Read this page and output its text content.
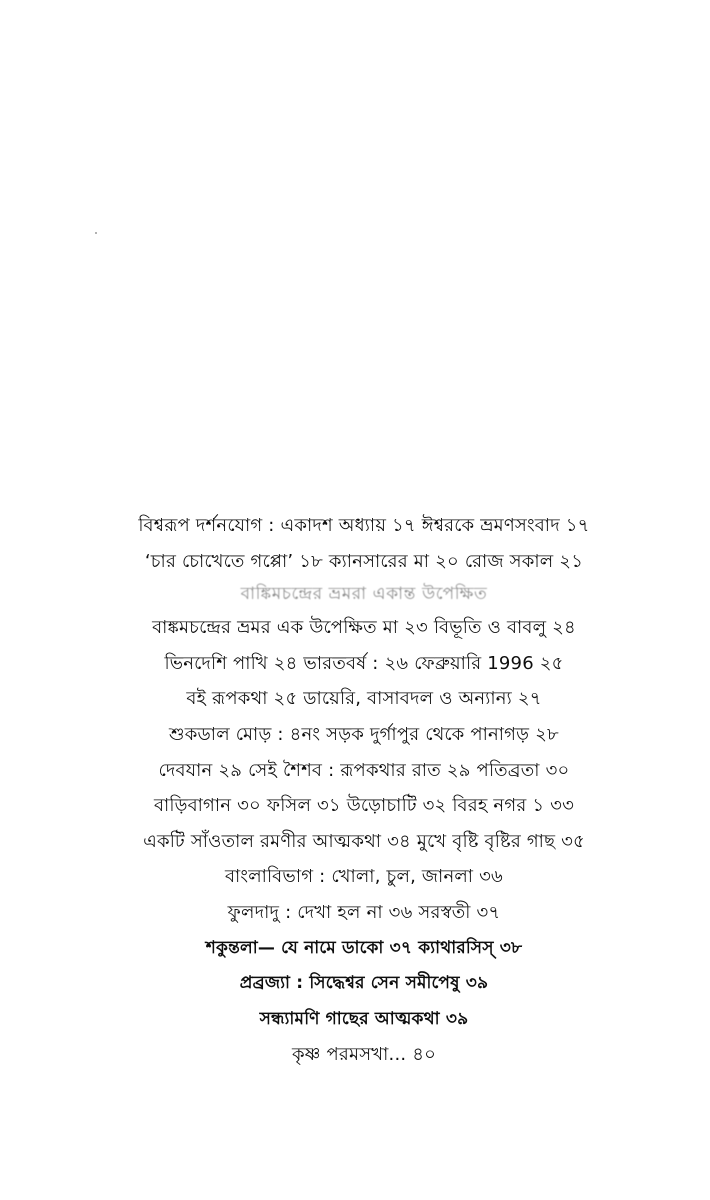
বিশ্বরূপ দর্শনযোগ : একাদশ অধ্যায় ১৭ ঈশ্বরকে ভ্রমণসংবাদ ১৭
‘চার চোখেতে গপ্পো’ ১৮ ক্যানসারের মা ২০ রোজ সকাল ২১
বাঙ্কিমচন্দ্রের ভ্রমরা একান্ত উপেক্ষিত
বাঙ্কমচন্দ্রের ভ্রমর এক উপেক্ষিত মা ২৩ বিভূতি ও বাবলু ২৪
ভিনদেশি পাখি ২৪ ভারতবর্ষ : ২৬ ফেব্রুয়ারি 1996 ২৫
বই রূপকথা ২৫ ডায়েরি, বাসাবদল ও অন্যান্য ২৭
শুকডাল মোড় : ৪নং সড়ক দুর্গাপুর থেকে পানাগড় ২৮
দেবযান ২৯ সেই শৈশব : রূপকথার রাত ২৯ পতিব্রতা ৩০
বাড়িবাগান ৩০ ফসিল ৩১ উড়োচাটি ৩২ বিরহ নগর ১ ৩৩
একটি সাঁওতাল রমণীর আত্মকথা ৩৪ মুখে বৃষ্টি বৃষ্টির গাছ ৩৫
বাংলাবিভাগ : খোলা, চুল, জানলা ৩৬
ফুলদাদু : দেখা হল না ৩৬ সরস্বতী ৩৭
শকুন্তলা— যে নামে ডাকো ৩৭ ক্যাথারসিস্ ৩৮
প্রব্রজ্যা : সিদ্ধেশ্বর সেন সমীপেষু ৩৯
সন্ধ্যামণি গাছের আত্মকথা ৩৯
কৃষ্ণ পরমসখা... ৪০
